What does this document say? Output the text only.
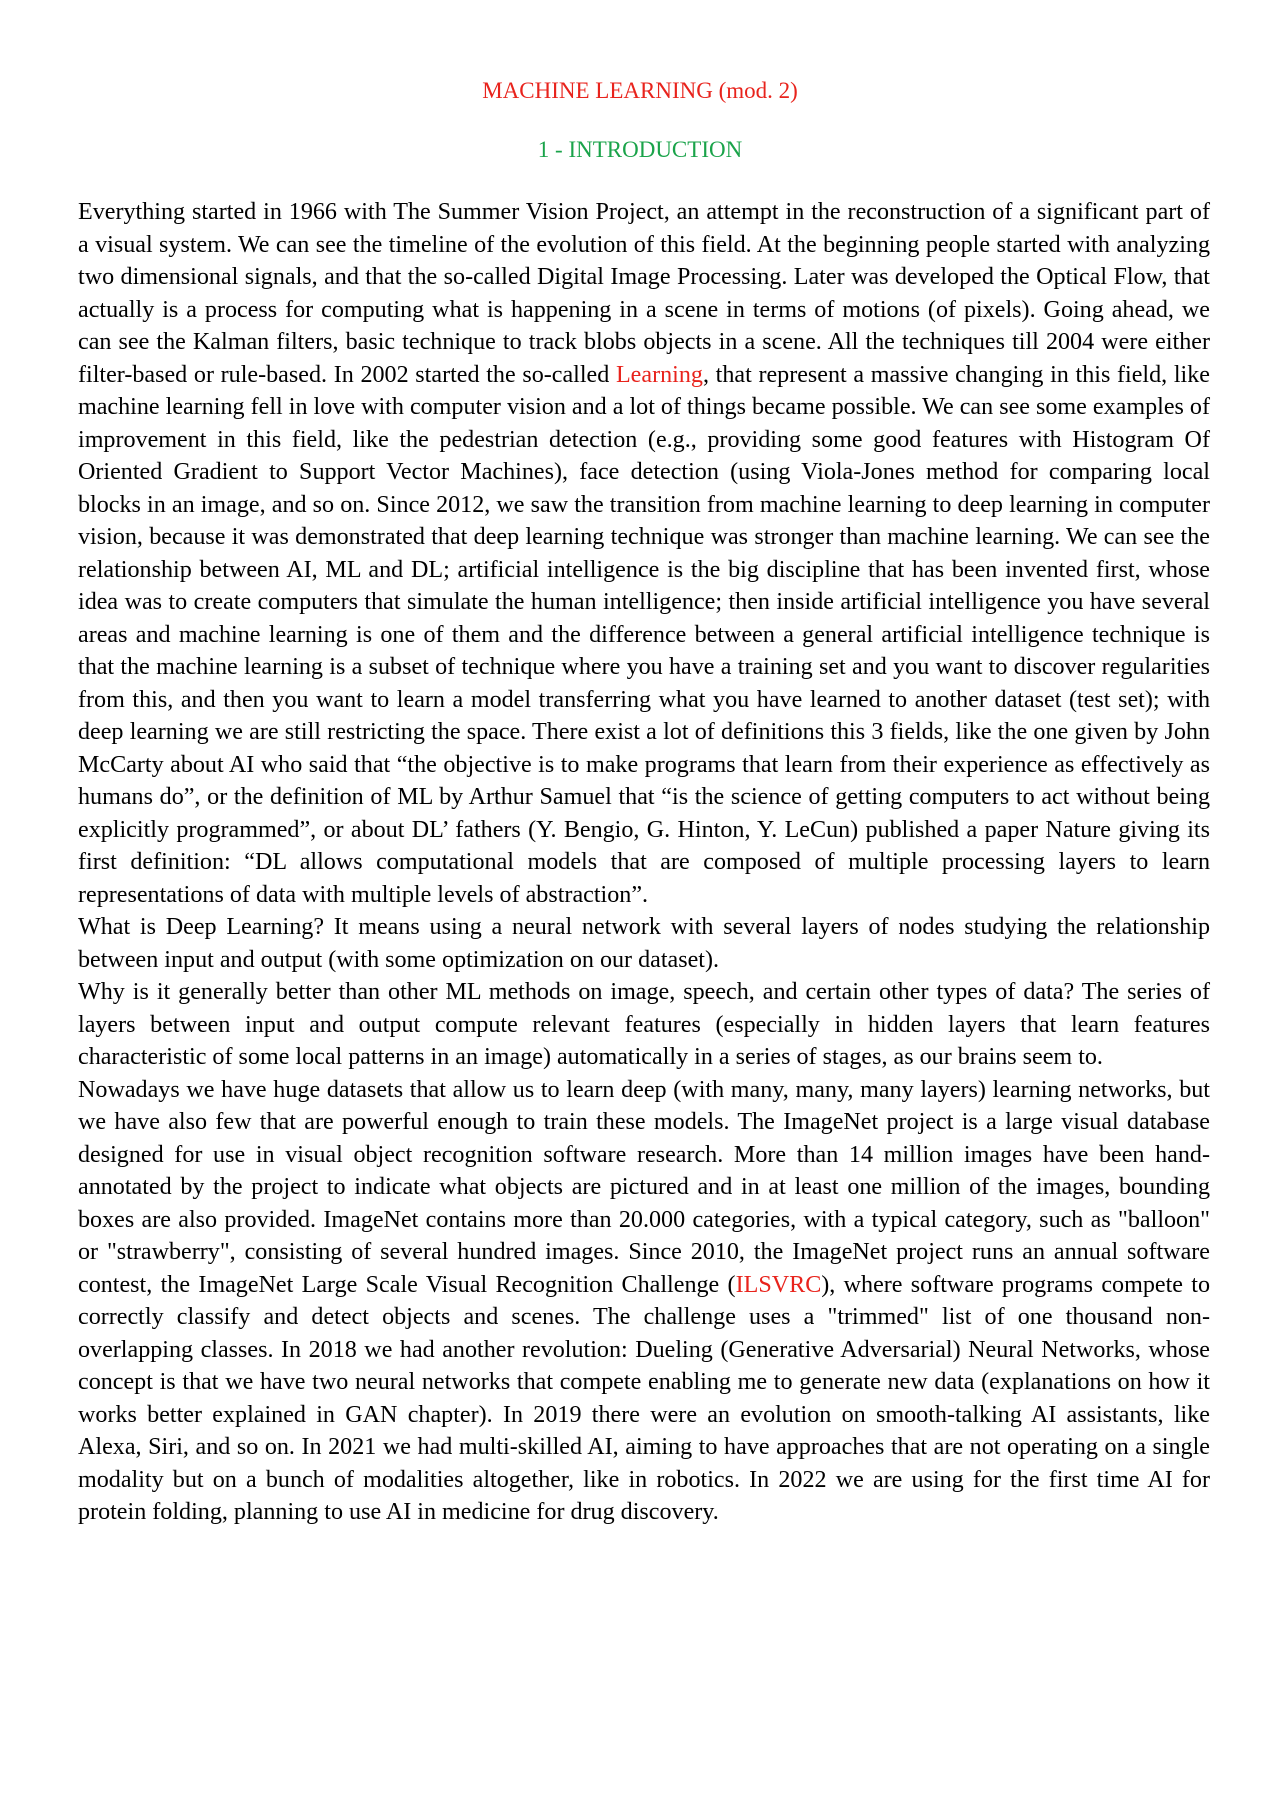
MACHINE LEARNING (mod. 2)
1 - INTRODUCTION

Everything started in 1966 with The Summer Vision Project, an attempt in the reconstruction of a significant part of a visual system. We can see the timeline of the evolution of this field. At the beginning people started with analyzing two dimensional signals, and that the so-called Digital Image Processing. Later was developed the Optical Flow, that actually is a process for computing what is happening in a scene in terms of motions (of pixels). Going ahead, we can see the Kalman filters, basic technique to track blobs objects in a scene. All the techniques till 2004 were either filter-based or rule-based. In 2002 started the so-called Learning, that represent a massive changing in this field, like machine learning fell in love with computer vision and a lot of things became possible. We can see some examples of improvement in this field, like the pedestrian detection (e.g., providing some good features with Histogram Of Oriented Gradient to Support Vector Machines), face detection (using Viola-Jones method for comparing local blocks in an image, and so on. Since 2012, we saw the transition from machine learning to deep learning in computer vision, because it was demonstrated that deep learning technique was stronger than machine learning. We can see the relationship between AI, ML and DL; artificial intelligence is the big discipline that has been invented first, whose idea was to create computers that simulate the human intelligence; then inside artificial intelligence you have several areas and machine learning is one of them and the difference between a general artificial intelligence technique is that the machine learning is a subset of technique where you have a training set and you want to discover regularities from this, and then you want to learn a model transferring what you have learned to another dataset (test set); with deep learning we are still restricting the space. There exist a lot of definitions this 3 fields, like the one given by John McCarty about AI who said that “the objective is to make programs that learn from their experience as effectively as humans do”, or the definition of ML by Arthur Samuel that “is the science of getting computers to act without being explicitly programmed”, or about DL’ fathers (Y. Bengio, G. Hinton, Y. LeCun) published a paper Nature giving its first definition: “DL allows computational models that are composed of multiple processing layers to learn representations of data with multiple levels of abstraction”.

What is Deep Learning? It means using a neural network with several layers of nodes studying the relationship between input and output (with some optimization on our dataset).

Why is it generally better than other ML methods on image, speech, and certain other types of data? The series of layers between input and output compute relevant features (especially in hidden layers that learn features characteristic of some local patterns in an image) automatically in a series of stages, as our brains seem to.

Nowadays we have huge datasets that allow us to learn deep (with many, many, many layers) learning networks, but we have also few that are powerful enough to train these models. The ImageNet project is a large visual database designed for use in visual object recognition software research. More than 14 million images have been hand-annotated by the project to indicate what objects are pictured and in at least one million of the images, bounding boxes are also provided. ImageNet contains more than 20.000 categories, with a typical category, such as "balloon" or "strawberry", consisting of several hundred images. Since 2010, the ImageNet project runs an annual software contest, the ImageNet Large Scale Visual Recognition Challenge (ILSVRC), where software programs compete to correctly classify and detect objects and scenes. The challenge uses a "trimmed" list of one thousand non-overlapping classes. In 2018 we had another revolution: Dueling (Generative Adversarial) Neural Networks, whose concept is that we have two neural networks that compete enabling me to generate new data (explanations on how it works better explained in GAN chapter). In 2019 there were an evolution on smooth-talking AI assistants, like Alexa, Siri, and so on. In 2021 we had multi-skilled AI, aiming to have approaches that are not operating on a single modality but on a bunch of modalities altogether, like in robotics. In 2022 we are using for the first time AI for protein folding, planning to use AI in medicine for drug discovery.
